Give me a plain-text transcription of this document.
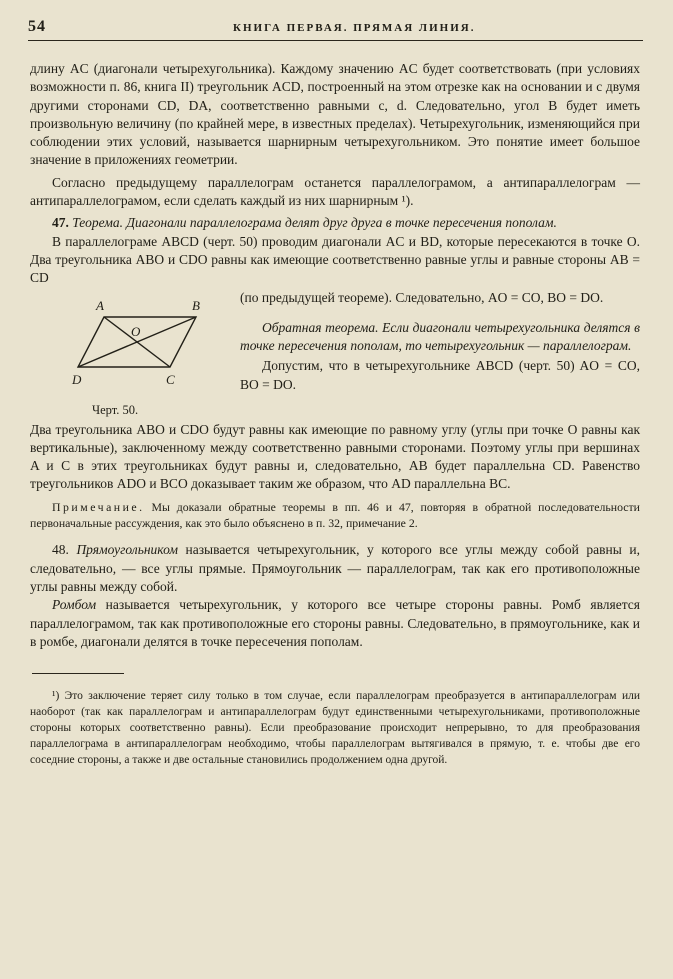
54	КНИГА ПЕРВАЯ. ПРЯМАЯ ЛИНИЯ.

длину AC (диагонали четырехугольника). Каждому значению AC будет соответствовать (при условиях возможности п. 86, книга II) треугольник ACD, построенный на этом отрезке как на основании и с двумя другими сторонами CD, DA, соответственно равными c, d. Следовательно, угол B будет иметь произвольную величину (по крайней мере, в известных пределах). Четырехугольник, изменяющийся при соблюдении этих условий, называется шарнирным четырехугольником. Это понятие имеет большое значение в приложениях геометрии.

Согласно предыдущему параллелограм останется параллелограмом, а антипараллелограм — антипараллелограмом, если сделать каждый из них шарнирным ¹).

47. Теорема. Диагонали параллелограма делят друг друга в точке пересечения пополам.

В параллелограме ABCD (черт. 50) проводим диагонали AC и BD, которые пересекаются в точке O. Два треугольника ABO и CDO равны как имеющие соответственно равные углы и равные стороны AB = CD

A	B
C
D
O
Черт. 50.

(по предыдущей теореме). Следовательно, AO = CO, BO = DO.

Обратная теорема. Если диагонали четырехугольника делятся в точке пересечения пополам, то четырехугольник — параллелограм.

Допустим, что в четырехугольнике ABCD (черт. 50) AO = CO, BO = DO.

Два треугольника ABO и CDO будут равны как имеющие по равному углу (углы при точке O равны как вертикальные), заключенному между соответственно равными сторонами. Поэтому углы при вершинах A и C в этих треугольниках будут равны и, следовательно, AB будет параллельна CD. Равенство треугольников ADO и BCO доказывает таким же образом, что AD параллельна BC.

Примечание. Мы доказали обратные теоремы в пп. 46 и 47, повторяя в обратной последовательности первоначальные рассуждения, как это было объяснено в п. 32, примечание 2.

48. Прямоугольником называется четырехугольник, у которого все углы между собой равны и, следовательно, — все углы прямые. Прямоугольник — параллелограм, так как его противоположные углы равны между собой.

Ромбом называется четырехугольник, у которого все четыре стороны равны. Ромб является параллелограмом, так как противоположные его стороны равны. Следовательно, в прямоугольнике, как и в ромбе, диагонали делятся в точке пересечения пополам.

¹) Это заключение теряет силу только в том случае, если параллелограм преобразуется в антипараллелограм или наоборот (так как параллелограм и антипараллелограм будут единственными четырехугольниками, противоположные стороны которых соответственно равны). Если преобразование происходит непрерывно, то для преобразования параллелограма в антипараллелограм необходимо, чтобы параллелограм вытягивался в прямую, т. е. чтобы две его соседние стороны, а также и две остальные становились продолжением одна другой.
